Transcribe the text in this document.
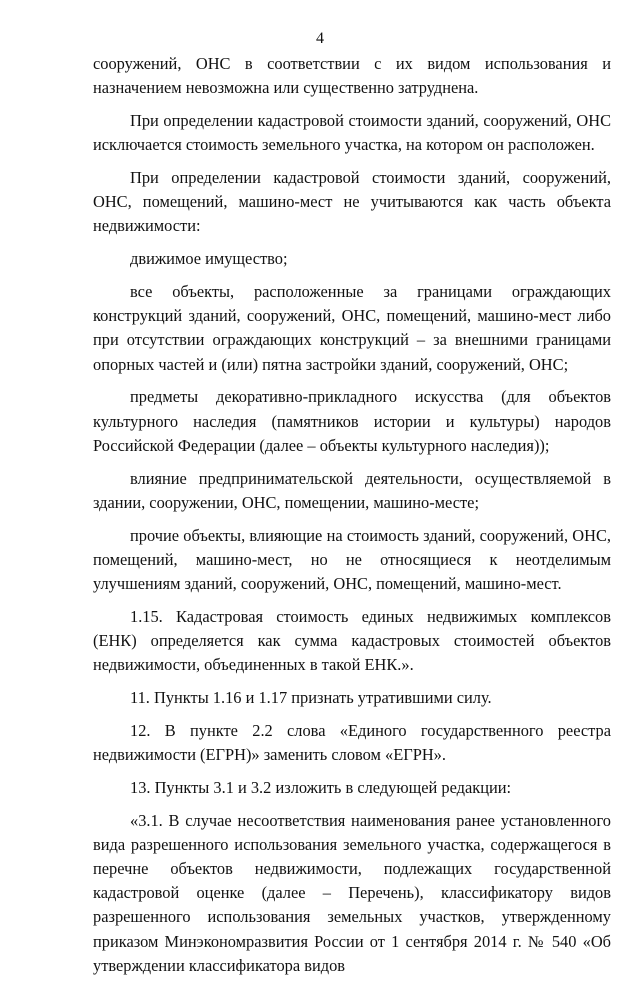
4

сооружений, ОНС в соответствии с их видом использования и назначением невозможна или существенно затруднена.

При определении кадастровой стоимости зданий, сооружений, ОНС исключается стоимость земельного участка, на котором он расположен.

При определении кадастровой стоимости зданий, сооружений, ОНС, помещений, машино-мест не учитываются как часть объекта недвижимости:

движимое имущество;

все объекты, расположенные за границами ограждающих конструкций зданий, сооружений, ОНС, помещений, машино-мест либо при отсутствии ограждающих конструкций – за внешними границами опорных частей и (или) пятна застройки зданий, сооружений, ОНС;

предметы декоративно-прикладного искусства (для объектов культурного наследия (памятников истории и культуры) народов Российской Федерации (далее – объекты культурного наследия));

влияние предпринимательской деятельности, осуществляемой в здании, сооружении, ОНС, помещении, машино-месте;

прочие объекты, влияющие на стоимость зданий, сооружений, ОНС, помещений, машино-мест, но не относящиеся к неотделимым улучшениям зданий, сооружений, ОНС, помещений, машино-мест.

1.15. Кадастровая стоимость единых недвижимых комплексов (ЕНК) определяется как сумма кадастровых стоимостей объектов недвижимости, объединенных в такой ЕНК.».

11. Пункты 1.16 и 1.17 признать утратившими силу.

12. В пункте 2.2 слова «Единого государственного реестра недвижимости (ЕГРН)» заменить словом «ЕГРН».

13. Пункты 3.1 и 3.2 изложить в следующей редакции:

«3.1. В случае несоответствия наименования ранее установленного вида разрешенного использования земельного участка, содержащегося в перечне объектов недвижимости, подлежащих государственной кадастровой оценке (далее – Перечень), классификатору видов разрешенного использования земельных участков, утвержденному приказом Минэкономразвития России от 1 сентября 2014 г. № 540 «Об утверждении классификатора видов
